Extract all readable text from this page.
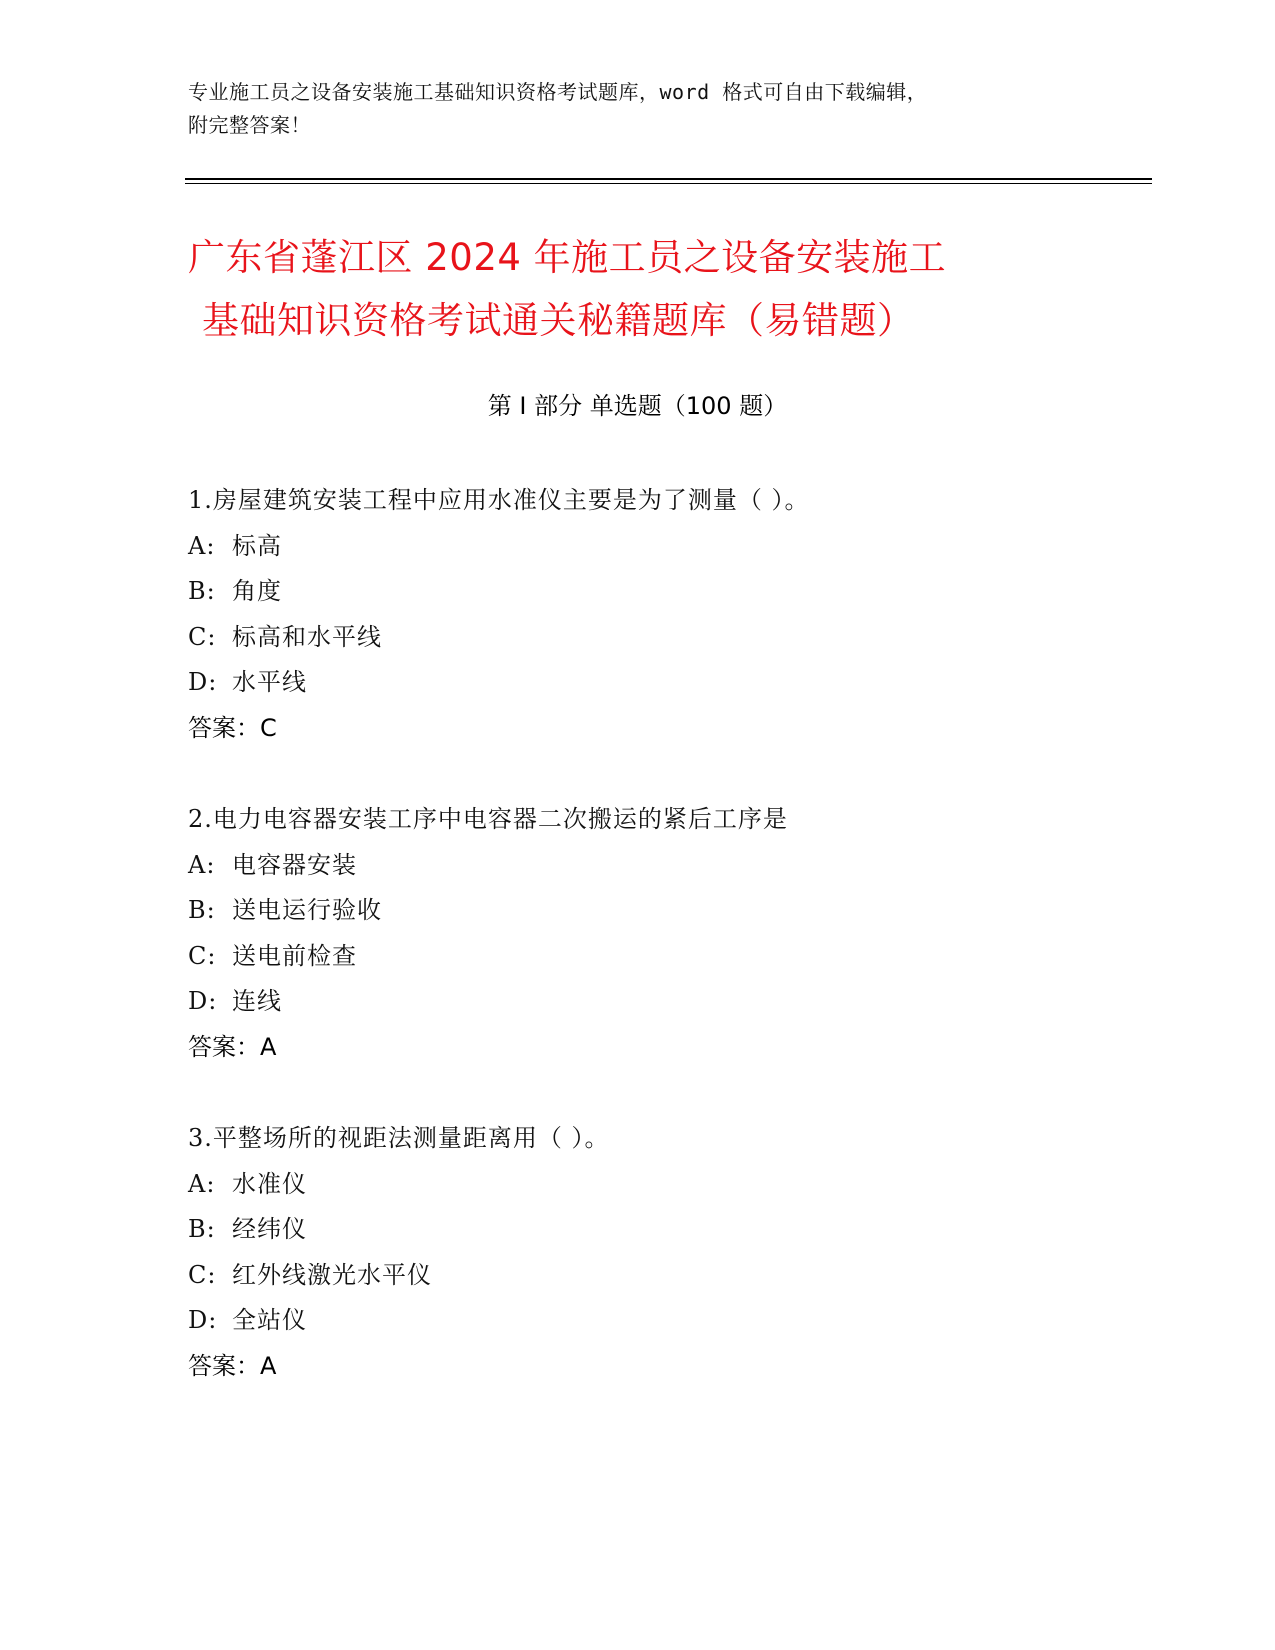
专业施工员之设备安装施工基础知识资格考试题库，word 格式可自由下载编辑，
附完整答案！
广东省蓬江区 2024 年施工员之设备安装施工
基础知识资格考试通关秘籍题库（易错题）
第 I 部分 单选题（100 题）
1.房屋建筑安装工程中应用水准仪主要是为了测量（ ）。
A: 标高
B: 角度
C: 标高和水平线
D: 水平线
答案：C
2.电力电容器安装工序中电容器二次搬运的紧后工序是
A: 电容器安装
B: 送电运行验收
C: 送电前检查
D: 连线
答案：A
3.平整场所的视距法测量距离用（ ）。
A: 水准仪
B: 经纬仪
C: 红外线激光水平仪
D: 全站仪
答案：A
